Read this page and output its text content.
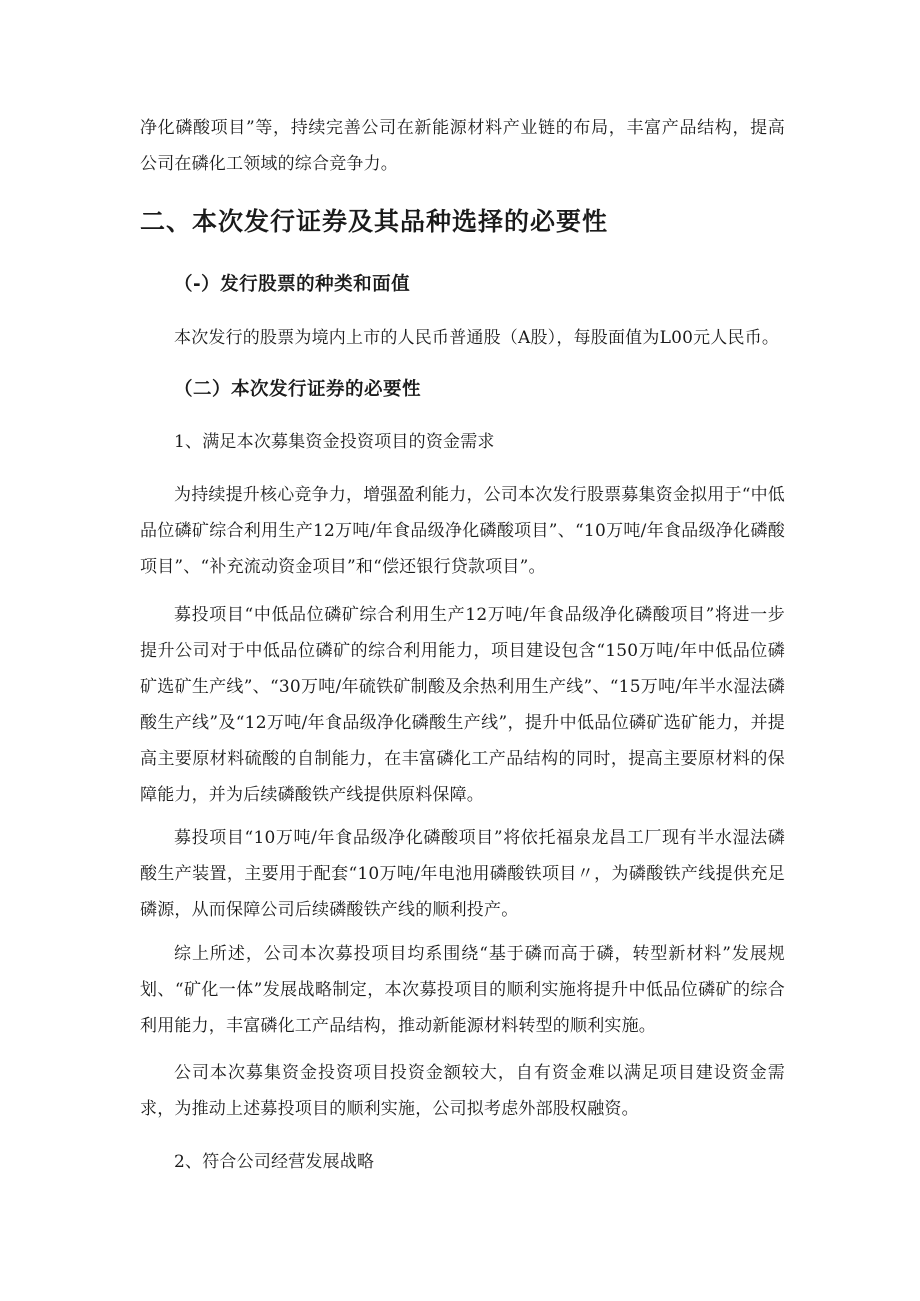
净化磷酸项目”等，持续完善公司在新能源材料产业链的布局，丰富产品结构，提高公司在磷化工领域的综合竞争力。

二、本次发行证券及其品种选择的必要性
（-）发行股票的种类和面值

本次发行的股票为境内上市的人民币普通股（A股），每股面值为L00元人民币。

（二）本次发行证券的必要性

1、满足本次募集资金投资项目的资金需求

为持续提升核心竞争力，增强盈利能力，公司本次发行股票募集资金拟用于“中低品位磷矿综合利用生产12万吨/年食品级净化磷酸项目”、“10万吨/年食品级净化磷酸项目”、“补充流动资金项目”和“偿还银行贷款项目”。

募投项目“中低品位磷矿综合利用生产12万吨/年食品级净化磷酸项目”将进一步提升公司对于中低品位磷矿的综合利用能力，项目建设包含“150万吨/年中低品位磷矿选矿生产线”、“30万吨/年硫铁矿制酸及余热利用生产线”、“15万吨/年半水湿法磷酸生产线”及“12万吨/年食品级净化磷酸生产线”，提升中低品位磷矿选矿能力，并提高主要原材料硫酸的自制能力，在丰富磷化工产品结构的同时，提高主要原材料的保障能力，并为后续磷酸铁产线提供原料保障。

募投项目“10万吨/年食品级净化磷酸项目”将依托福泉龙昌工厂现有半水湿法磷酸生产装置，主要用于配套“10万吨/年电池用磷酸铁项目〃，为磷酸铁产线提供充足磷源，从而保障公司后续磷酸铁产线的顺利投产。

综上所述，公司本次募投项目均系围绕“基于磷而高于磷，转型新材料”发展规划、“矿化一体”发展战略制定，本次募投项目的顺利实施将提升中低品位磷矿的综合利用能力，丰富磷化工产品结构，推动新能源材料转型的顺利实施。

公司本次募集资金投资项目投资金额较大，自有资金难以满足项目建设资金需求，为推动上述募投项目的顺利实施，公司拟考虑外部股权融资。

2、符合公司经营发展战略
